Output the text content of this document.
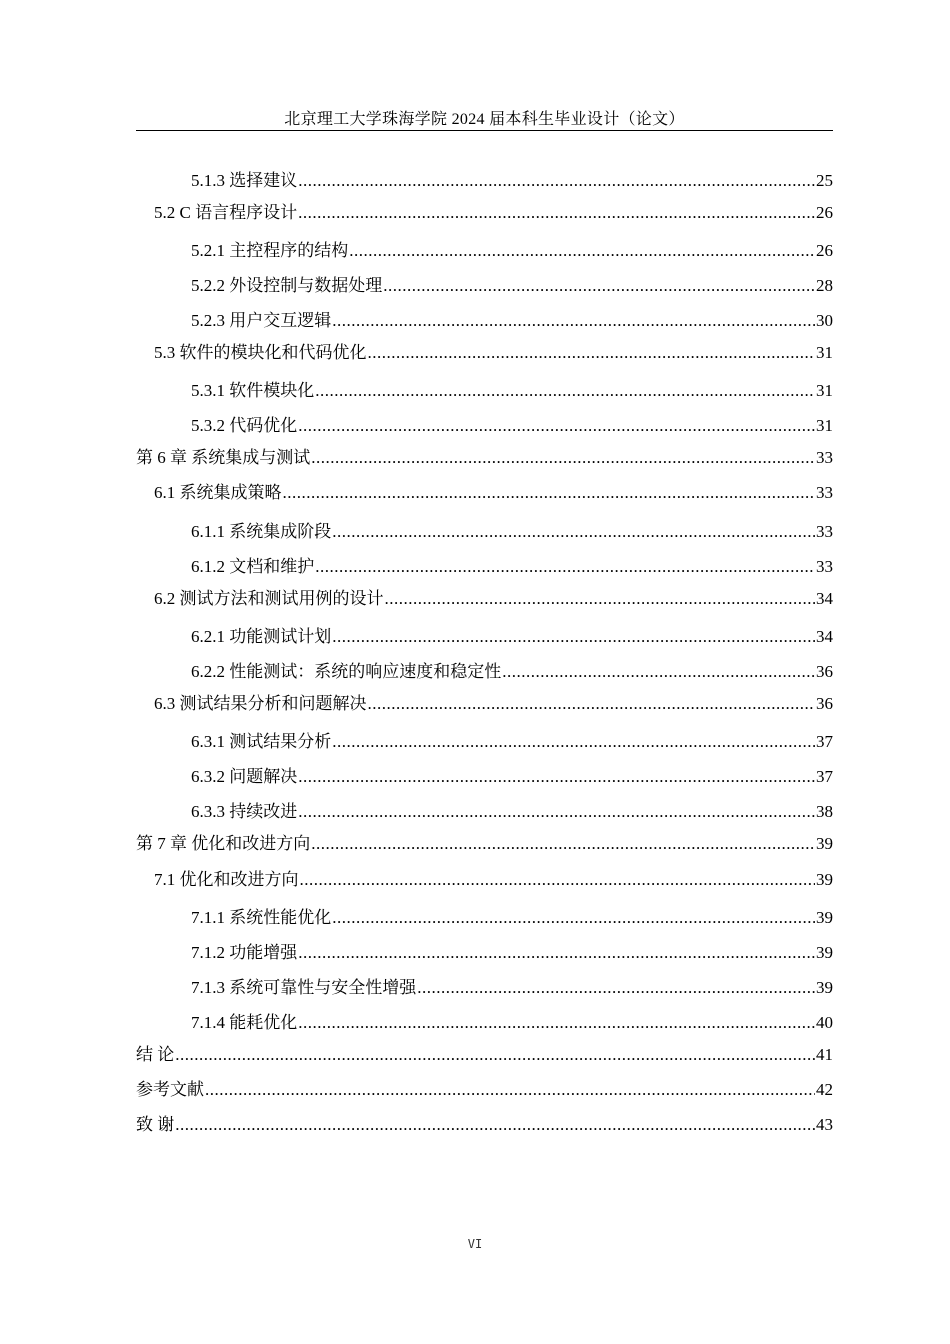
北京理工大学珠海学院 2024 届本科生毕业设计（论文）
5.1.3 选择建议 .....	25
5.2 C 语言程序设计 .....	26
5.2.1 主控程序的结构 .....	26
5.2.2 外设控制与数据处理 .....	28
5.2.3 用户交互逻辑 .....	30
5.3 软件的模块化和代码优化 .....	31
5.3.1 软件模块化 .....	31
5.3.2 代码优化 .....	31
第 6 章 系统集成与测试 .....	33
6.1 系统集成策略 .....	33
6.1.1 系统集成阶段 .....	33
6.1.2 文档和维护 .....	33
6.2 测试方法和测试用例的设计 .....	34
6.2.1 功能测试计划 .....	34
6.2.2 性能测试：系统的响应速度和稳定性 .....	36
6.3 测试结果分析和问题解决 .....	36
6.3.1 测试结果分析 .....	37
6.3.2 问题解决 .....	37
6.3.3 持续改进 .....	38
第 7 章 优化和改进方向 .....	39
7.1 优化和改进方向 .....	39
7.1.1 系统性能优化 .....	39
7.1.2 功能增强 .....	39
7.1.3 系统可靠性与安全性增强 .....	39
7.1.4 能耗优化 .....	40
结 论 .....	41
参考文献 .....	42
致 谢 .....	43
VI
